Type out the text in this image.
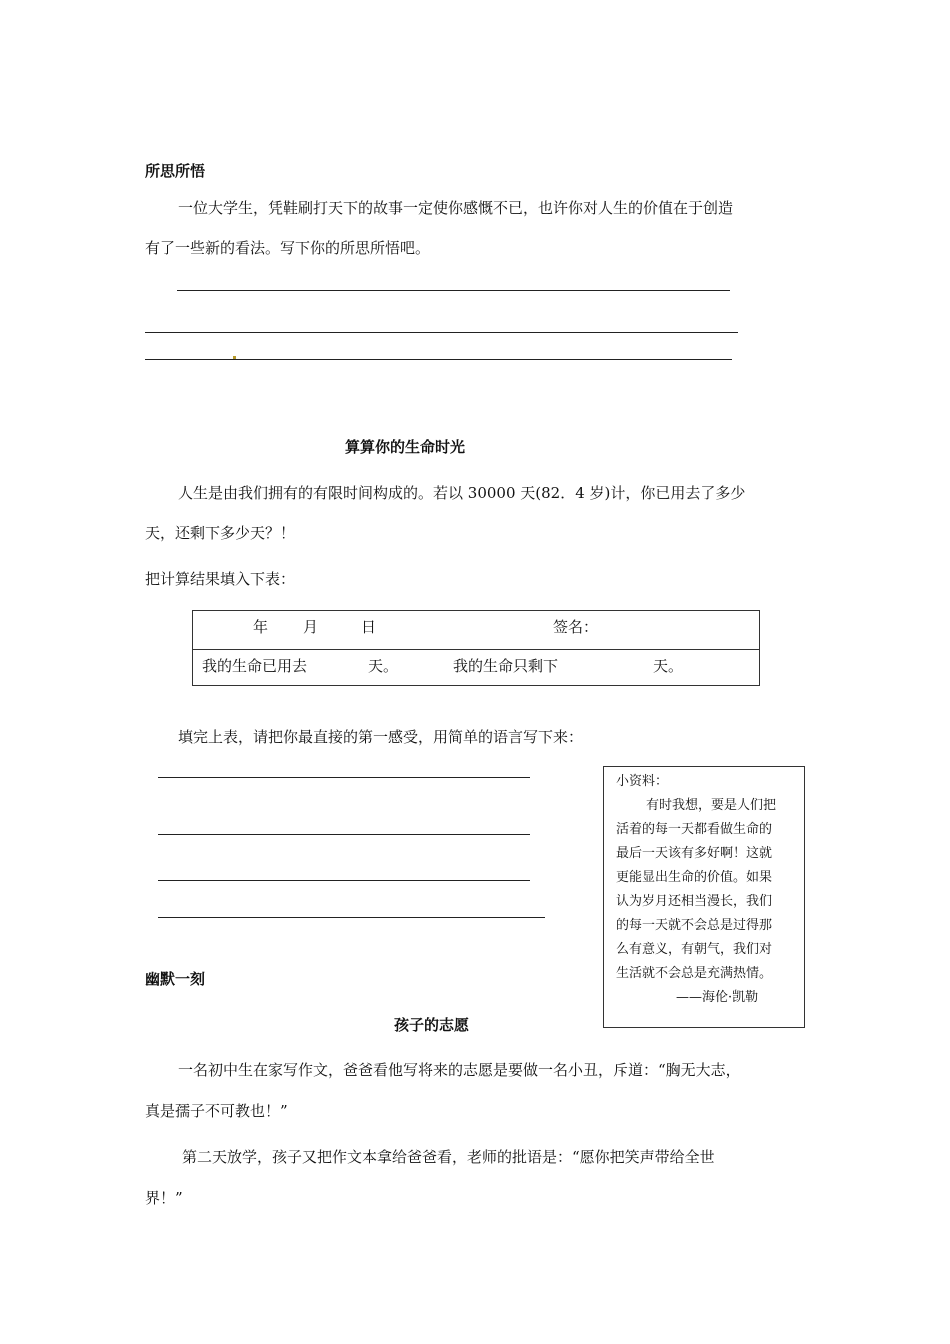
所思所悟
一位大学生，凭鞋刷打天下的故事一定使你感慨不已，也许你对人生的价值在于创造
有了一些新的看法。写下你的所思所悟吧。
算算你的生命时光
人生是由我们拥有的有限时间构成的。若以 30000 天(82．4 岁)计，你已用去了多少
天，还剩下多少天？！
把计算结果填入下表：
年 月	日	签名：
我的生命已用去	天。	我的生命只剩下	天。
填完上表，请把你最直接的第一感受，用简单的语言写下来：
小资料：
有时我想，要是人们把
活着的每一天都看做生命的
最后一天该有多好啊！这就
更能显出生命的价值。如果
认为岁月还相当漫长，我们
的每一天就不会总是过得那
么有意义，有朝气，我们对
生活就不会总是充满热情。
——海伦·凯勒
幽默一刻
孩子的志愿
一名初中生在家写作文，爸爸看他写将来的志愿是要做一名小丑，斥道：“胸无大志，
真是孺子不可教也！”
第二天放学，孩子又把作文本拿给爸爸看，老师的批语是：“愿你把笑声带给全世
界！”
